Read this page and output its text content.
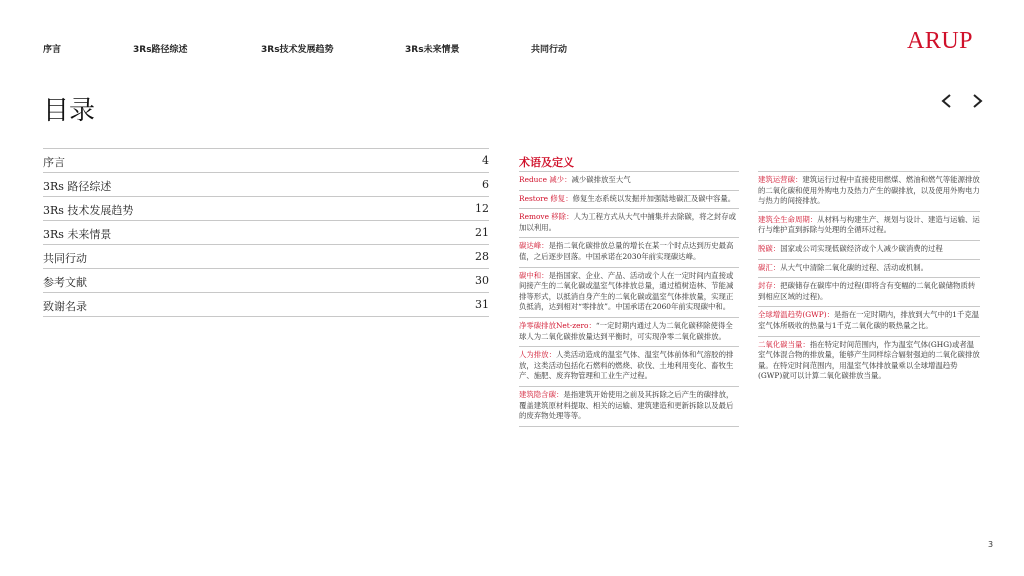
序言	3Rs路径综述	3Rs技术发展趋势	3Rs未来情景	共同行动	ARUP
目录
序言	4
3Rs 路径综述	6
3Rs 技术发展趋势	12
3Rs 未来情景	21
共同行动	28
参考文献	30
致谢名录	31
术语及定义
Reduce 减少：减少碳排放至大气
Restore 修复：修复生态系统以发掘并加强陆地碳汇及碳中容量。
Remove 移除：人为工程方式从大气中捕集并去除碳，将之封存或加以利用。
碳达峰：是指二氧化碳排放总量的增长在某一个时点达到历史最高值，之后逐步回落。中国承诺在2030年前实现碳达峰。
碳中和：是指国家、企业、产品、活动或个人在一定时间内直接或间接产生的二氧化碳或温室气体排放总量，通过植树造林、节能减排等形式，以抵消自身产生的二氧化碳或温室气体排放量，实现正负抵消，达到相对“零排放”。中国承诺在2060年前实现碳中和。
净零碳排放Net-zero：“一定时期内通过人为二氧化碳移除使得全球人为二氧化碳排放量达到平衡时，可实现净零二氧化碳排放。
人为排放：人类活动造成的温室气体、温室气体前体和气溶胶的排放，这类活动包括化石燃料的燃烧、砍伐、土地利用变化、畜牧生产、施肥、废弃物管理和工业生产过程。
建筑隐含碳：是指建筑开始使用之前及其拆除之后产生的碳排放，覆盖建筑原材料提取、相关的运输、建筑建造和更新拆除以及最后的废弃物处理等等。
建筑运营碳：建筑运行过程中直接使用燃煤、燃油和燃气等能源排放的二氧化碳和使用外购电力及热力产生的碳排放，以及使用外购电力与热力的间接排放。
建筑全生命周期：从材料与构建生产、规划与设计、建造与运输、运行与维护直到拆除与处理的全循环过程。
脱碳：国家或公司实现低碳经济或个人减少碳消费的过程
碳汇：从大气中清除二氧化碳的过程、活动或机制。
封存：把碳储存在碳库中的过程(即将含有变幅的二氧化碳储物质转到相应区域的过程)。
全球增温趋势(GWP)：是指在一定时期内，排放到大气中的1千克温室气体所吸收的热量与1千克二氧化碳的吸热量之比。
二氧化碳当量：指在特定时间范围内，作为温室气体(GHG)或者温室气体混合物的排放量，能够产生同样综合辐射强迫的二氧化碳排放量。在特定时间范围内，用温室气体排放量乘以全球增温趋势(GWP)就可以计算二氧化碳排放当量。
3
